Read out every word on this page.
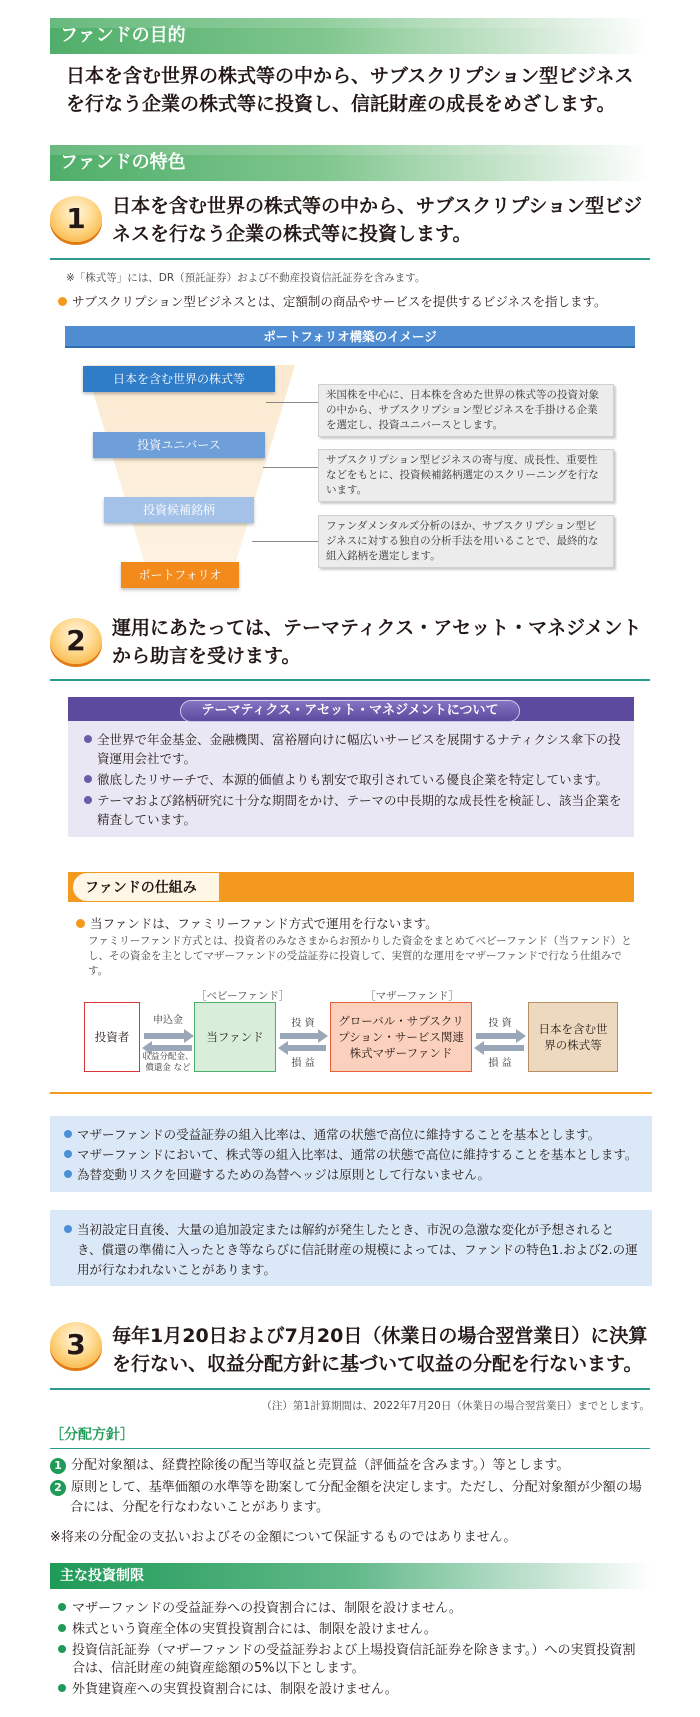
ファンドの目的
日本を含む世界の株式等の中から、サブスクリプション型ビジネスを行なう企業の株式等に投資し、信託財産の成長をめざします。
ファンドの特色
1	日本を含む世界の株式等の中から、サブスクリプション型ビジネスを行なう企業の株式等に投資します。
※「株式等」には、DR（預託証券）および不動産投資信託証券を含みます。
サブスクリプション型ビジネスとは、定額制の商品やサービスを提供するビジネスを指します。
ポートフォリオ構築のイメージ
日本を含む世界の株式等
投資ユニバース
投資候補銘柄
ポートフォリオ
米国株を中心に、日本株を含めた世界の株式等の投資対象の中から、サブスクリプション型ビジネスを手掛ける企業を選定し、投資ユニバースとします。
サブスクリプション型ビジネスの寄与度、成長性、重要性などをもとに、投資候補銘柄選定のスクリーニングを行ないます。
ファンダメンタルズ分析のほか、サブスクリプション型ビジネスに対する独自の分析手法を用いることで、最終的な組入銘柄を選定します。
2	運用にあたっては、テーマティクス・アセット・マネジメントから助言を受けます。
テーマティクス・アセット・マネジメントについて
全世界で年金基金、金融機関、富裕層向けに幅広いサービスを展開するナティクシス傘下の投資運用会社です。
徹底したリサーチで、本源的価値よりも割安で取引されている優良企業を特定しています。
テーマおよび銘柄研究に十分な期間をかけ、テーマの中長期的な成長性を検証し、該当企業を精査しています。
ファンドの仕組み
当ファンドは、ファミリーファンド方式で運用を行ないます。
ファミリーファンド方式とは、投資者のみなさまからお預かりした資金をまとめてベビーファンド（当ファンド）とし、その資金を主としてマザーファンドの受益証券に投資して、実質的な運用をマザーファンドで行なう仕組みです。
［ベビーファンド］	［マザーファンド］
投資者	当ファンド
グローバル・サブスクリプション・サービス関連株式マザーファンド
日本を含む世界の株式等
申込金
収益分配金、償還金 など
投 資
損 益
投 資
損 益
マザーファンドの受益証券の組入比率は、通常の状態で高位に維持することを基本とします。
マザーファンドにおいて、株式等の組入比率は、通常の状態で高位に維持することを基本とします。
為替変動リスクを回避するための為替ヘッジは原則として行ないません。
当初設定日直後、大量の追加設定または解約が発生したとき、市況の急激な変化が予想されるとき、償還の準備に入ったとき等ならびに信託財産の規模によっては、ファンドの特色1.および2.の運用が行なわれないことがあります。
3	毎年1月20日および7月20日（休業日の場合翌営業日）に決算を行ない、収益分配方針に基づいて収益の分配を行ないます。
（注）第1計算期間は、2022年7月20日（休業日の場合翌営業日）までとします。
［分配方針］
1 分配対象額は、経費控除後の配当等収益と売買益（評価益を含みます。）等とします。
2 原則として、基準価額の水準等を勘案して分配金額を決定します。ただし、分配対象額が少額の場合には、分配を行なわないことがあります。
※将来の分配金の支払いおよびその金額について保証するものではありません。
主な投資制限
マザーファンドの受益証券への投資割合には、制限を設けません。
株式という資産全体の実質投資割合には、制限を設けません。
投資信託証券（マザーファンドの受益証券および上場投資信託証券を除きます。）への実質投資割合は、信託財産の純資産総額の5%以下とします。
外貨建資産への実質投資割合には、制限を設けません。
